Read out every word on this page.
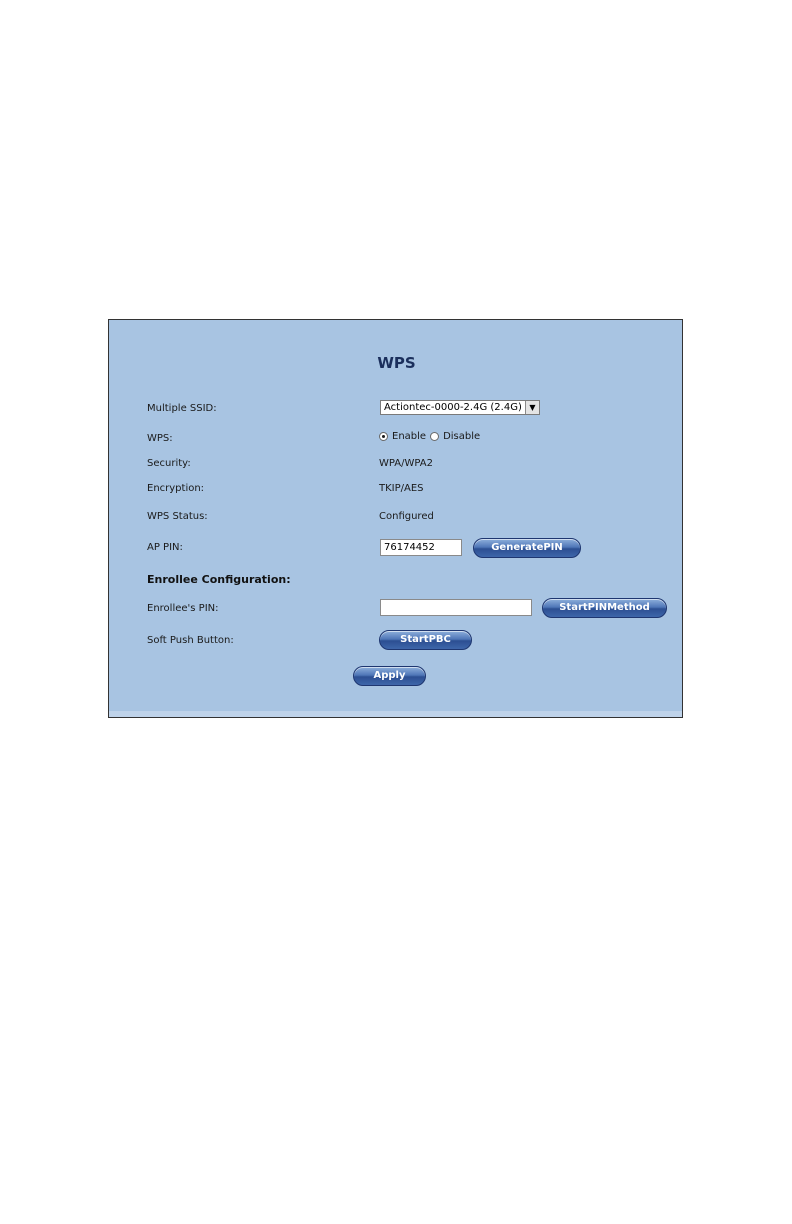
WPS
Multiple SSID:	Actiontec-0000-2.4G (2.4G) ▼
WPS:	Enable Disable
Security:	WPA/WPA2
Encryption:	TKIP/AES
WPS Status:	Configured
AP PIN:	76174452	GeneratePIN
Enrollee Configuration:
Enrollee's PIN:	StartPINMethod
Soft Push Button:	StartPBC
Apply
